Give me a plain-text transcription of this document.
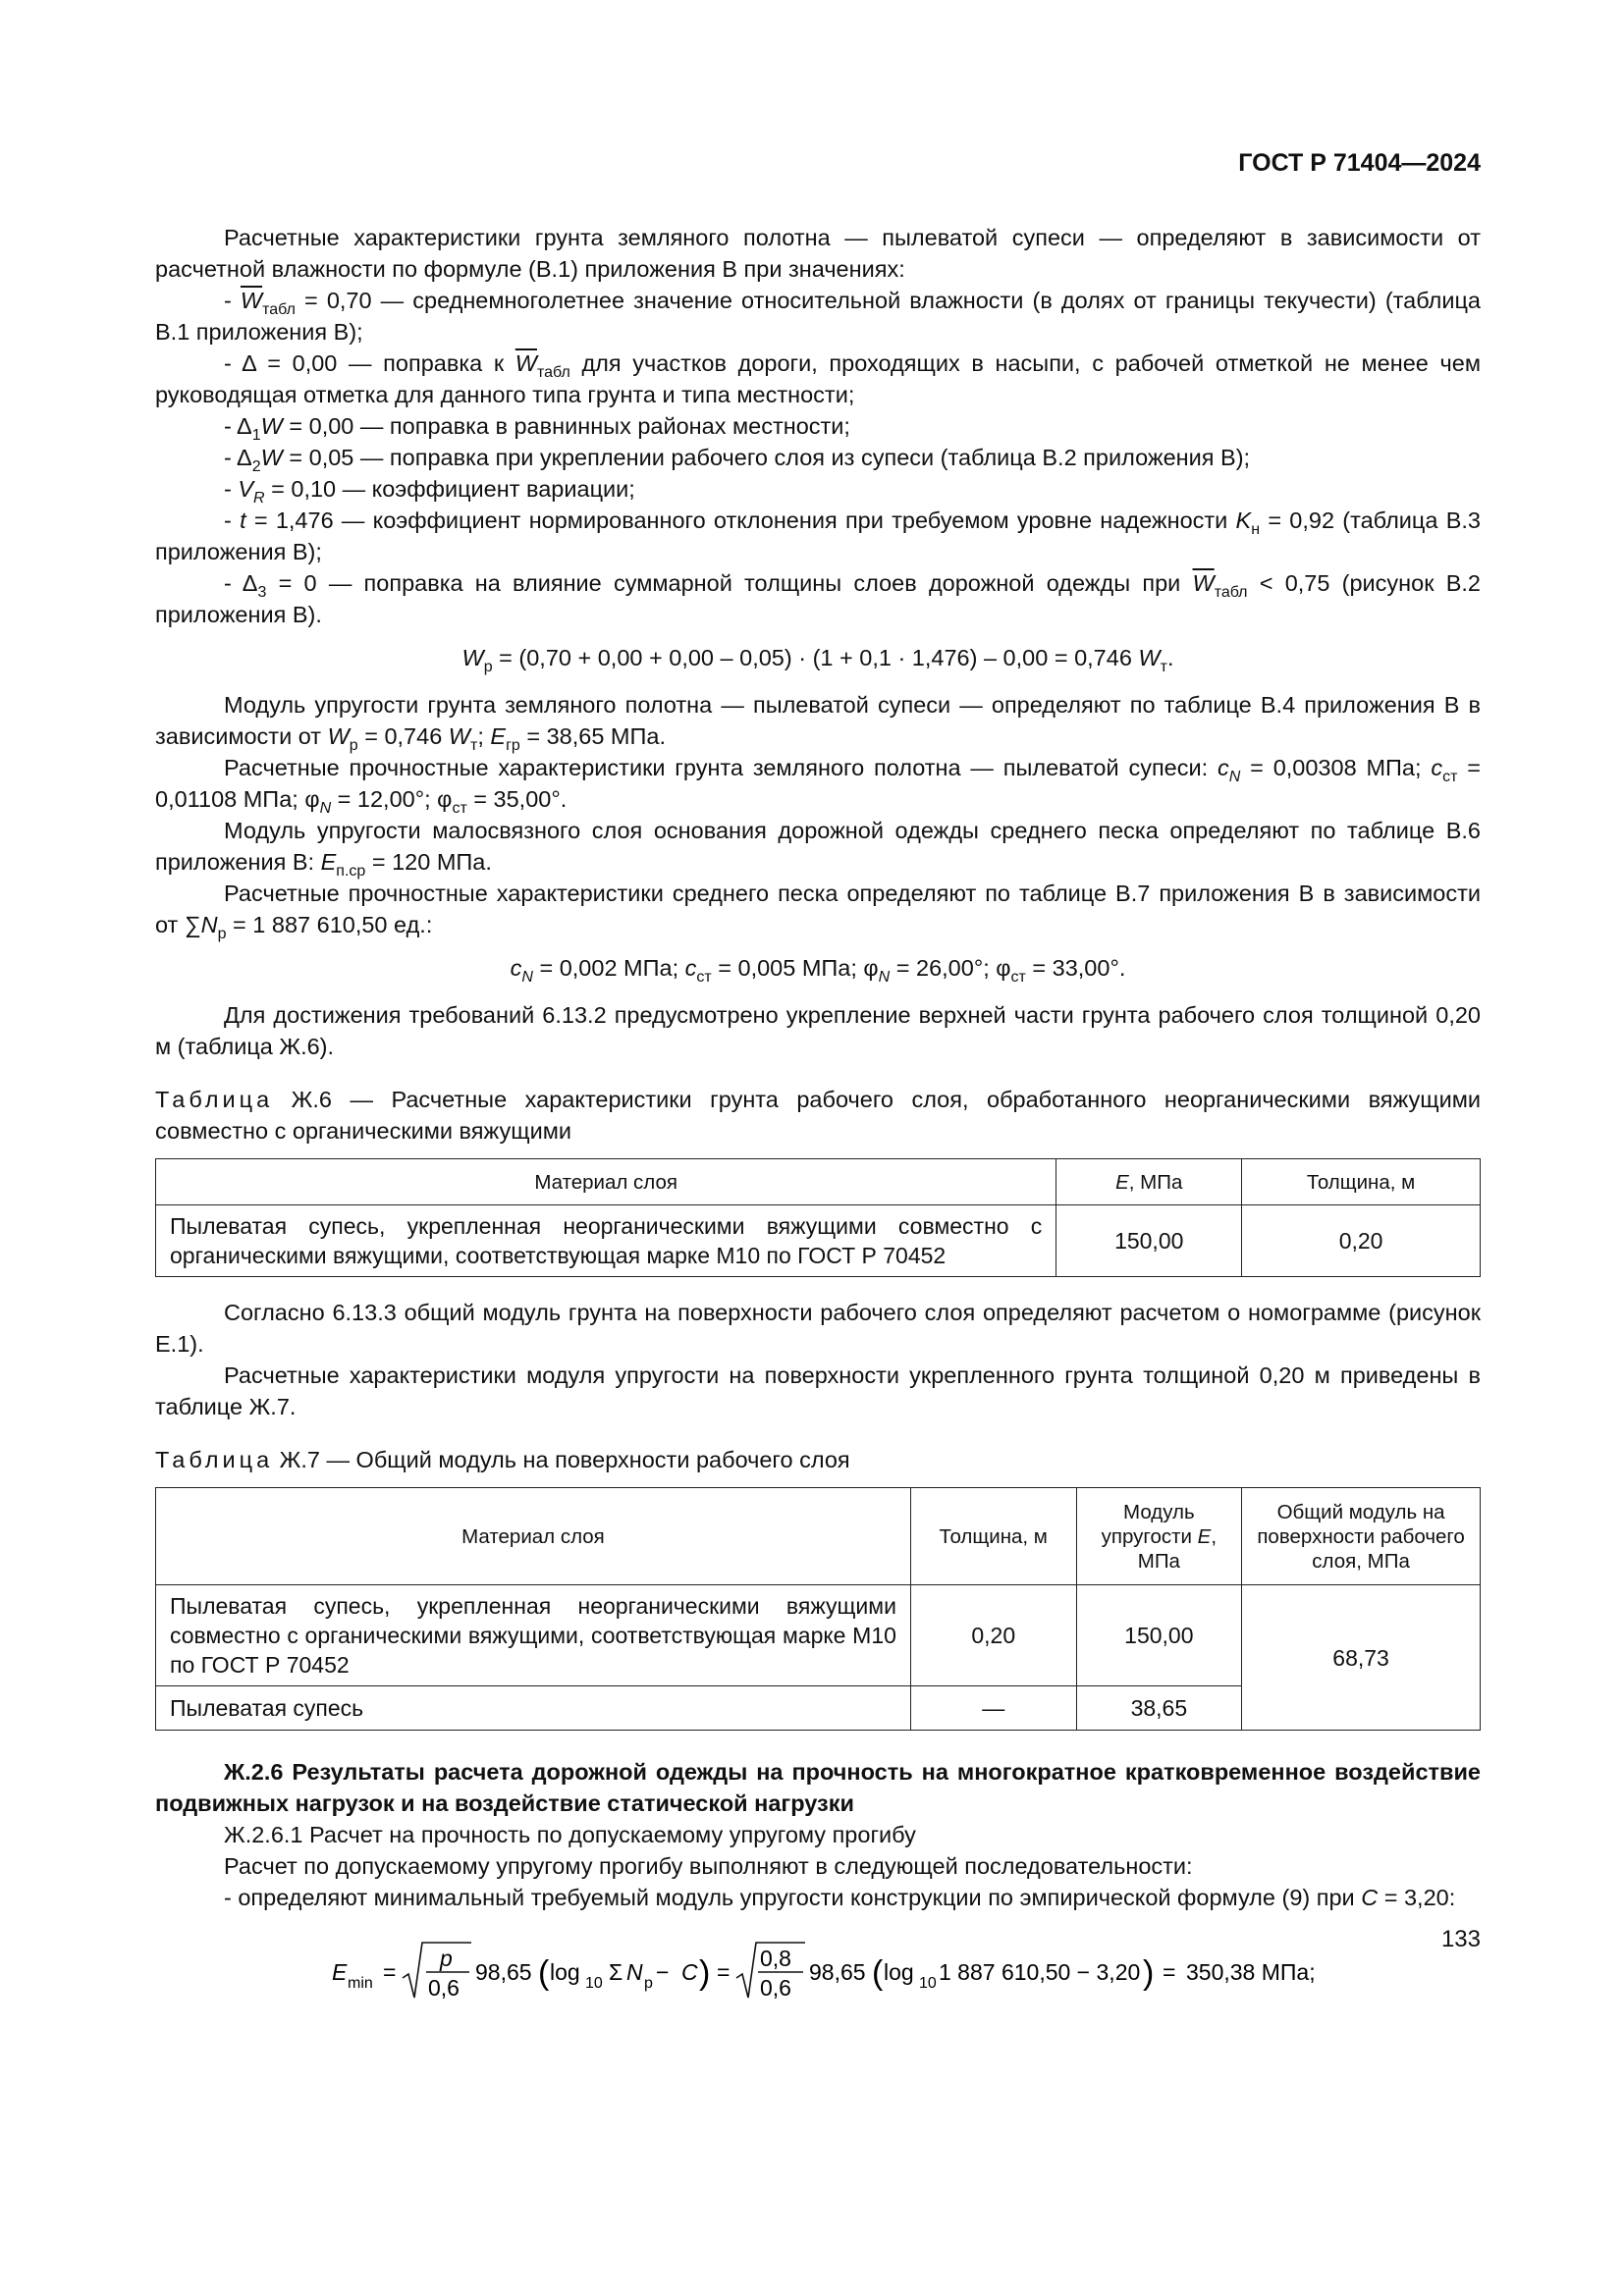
ГОСТ Р 71404—2024

Расчетные характеристики грунта земляного полотна — пылеватой супеси — определяют в зависимости от расчетной влажности по формуле (В.1) приложения В при значениях:

- $\overline{W}_{табл} = 0,70$ — среднемноголетнее значение относительной влажности (в долях от границы текучести) (таблица В.1 приложения В);

- Δ = 0,00 — поправка к $\overline{W}_{табл}$ для участков дороги, проходящих в насыпи, с рабочей отметкой не менее чем руководящая отметка для данного типа грунта и типа местности;

- $\Delta_1W = 0,00$ — поправка в равнинных районах местности;

- $\Delta_2W = 0,05$ — поправка при укреплении рабочего слоя из супеси (таблица В.2 приложения В);

- $V_R = 0,10$ — коэффициент вариации;

- t = 1,476 — коэффициент нормированного отклонения при требуемом уровне надежности $K_н = 0,92$ (таблица В.3 приложения В);

- $\Delta_3 = 0$ — поправка на влияние суммарной толщины слоев дорожной одежды при $\overline{W}_{табл} < 0,75$ (рисунок В.2 приложения В).

$W_р = (0,70 + 0,00 + 0,00 - 0,05) \cdot (1 + 0,1 \cdot 1,476) - 0,00 = 0,746$ $W_т$.

Модуль упругости грунта земляного полотна — пылеватой супеси — определяют по таблице В.4 приложения В в зависимости от $W_р = 0,746$ $W_т$; $E_{гр} = 38,65$ МПа.

Расчетные прочностные характеристики грунта земляного полотна — пылеватой супеси: $c_N = 0,00308$ МПа; $c_{ст} = 0,01108$ МПа; $\varphi_N = 12,00^\circ$; $\varphi_{ст} = 35,00^\circ$.

Модуль упругости малосвязного слоя основания дорожной одежды среднего песка определяют по таблице В.6 приложения В: $E_{п.ср} = 120$ МПа.

Расчетные прочностные характеристики среднего песка определяют по таблице В.7 приложения В в зависимости от $\sum N_р = 1$ 887 610,50 ед.:

$c_N = 0,002$ МПа; $c_{ст} = 0,005$ МПа; $\varphi_N = 26,00^\circ$; $\varphi_{ст} = 33,00^\circ$.

Для достижения требований 6.13.2 предусмотрено укрепление верхней части грунта рабочего слоя толщиной 0,20 м (таблица Ж.6).

Таблица Ж.6 — Расчетные характеристики грунта рабочего слоя, обработанного неорганическими вяжущими совместно с органическими вяжущими

Материал слоя	E, МПа	Толщина, м
Пылеватая супесь, укрепленная неорганическими вяжущими совместно с органическими вяжущими, соответствующая марке М10 по ГОСТ Р 70452	150,00	0,20

Согласно 6.13.3 общий модуль грунта на поверхности рабочего слоя определяют расчетом о номограмме (рисунок Е.1).

Расчетные характеристики модуля упругости на поверхности укрепленного грунта толщиной 0,20 м приведены в таблице Ж.7.

Таблица Ж.7 — Общий модуль на поверхности рабочего слоя

Материал слоя	Толщина, м	Модуль упругости E, МПа	Общий модуль на поверхности рабочего слоя, МПа
Пылеватая супесь, укрепленная неорганическими вяжущими совместно с органическими вяжущими, соответствующая марке М10 по ГОСТ Р 70452	0,20	150,00	68,73
Пылеватая супесь	—	38,65	

Ж.2.6 Результаты расчета дорожной одежды на прочность на многократное кратковременное воздействие подвижных нагрузок и на воздействие статической нагрузки

Ж.2.6.1 Расчет на прочность по допускаемому упругому прогибу

Расчет по допускаемому упругому прогибу выполняют в следующей последовательности:

- определяют минимальный требуемый модуль упругости конструкции по эмпирической формуле (9) при C = 3,20:

E min =
p
0,6
98,65 ( log 10 Σ N р − C ) =
0,8
0,6
98,65 ( log 10 1 887 610,50 − 3,20 ) = 350,38 МПа;
133
